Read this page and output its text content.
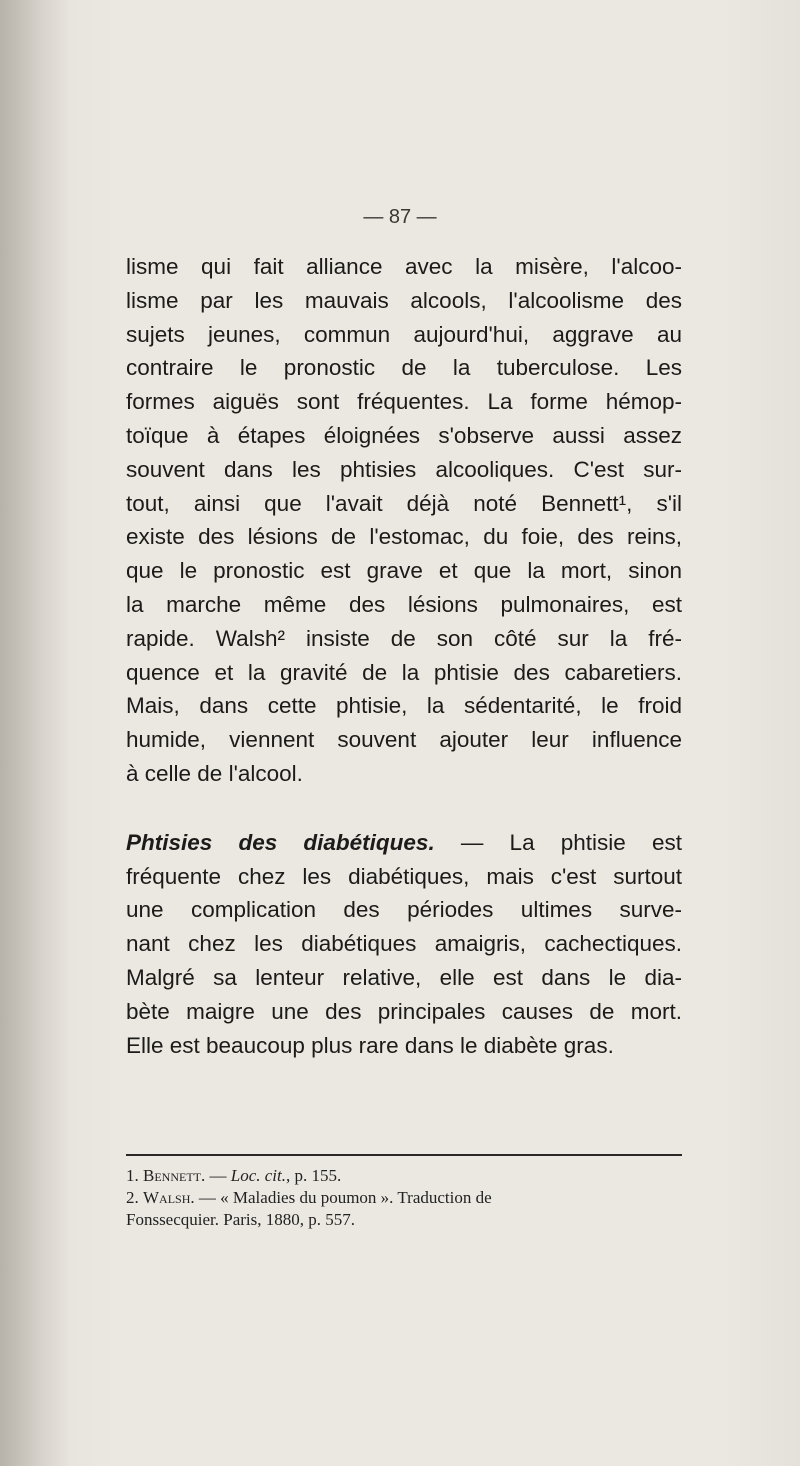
— 87 —
lisme qui fait alliance avec la misère, l'alcoo-
lisme par les mauvais alcools, l'alcoolisme des
sujets jeunes, commun aujourd'hui, aggrave au
contraire le pronostic de la tuberculose. Les
formes aiguës sont fréquentes. La forme hémop-
toïque à étapes éloignées s'observe aussi assez
souvent dans les phtisies alcooliques. C'est sur-
tout, ainsi que l'avait déjà noté Bennett¹, s'il
existe des lésions de l'estomac, du foie, des reins,
que le pronostic est grave et que la mort, sinon
la marche même des lésions pulmonaires, est
rapide. Walsh² insiste de son côté sur la fré-
quence et la gravité de la phtisie des cabaretiers.
Mais, dans cette phtisie, la sédentarité, le froid
humide, viennent souvent ajouter leur influence
à celle de l'alcool.
Phtisies des diabétiques. — La phtisie est
fréquente chez les diabétiques, mais c'est surtout
une complication des périodes ultimes surve-
nant chez les diabétiques amaigris, cachectiques.
Malgré sa lenteur relative, elle est dans le dia-
bète maigre une des principales causes de mort.
Elle est beaucoup plus rare dans le diabète gras.
1. Bennett. — Loc. cit., p. 155.
2. Walsh. — « Maladies du poumon ». Traduction de
Fonssecquier. Paris, 1880, p. 557.
